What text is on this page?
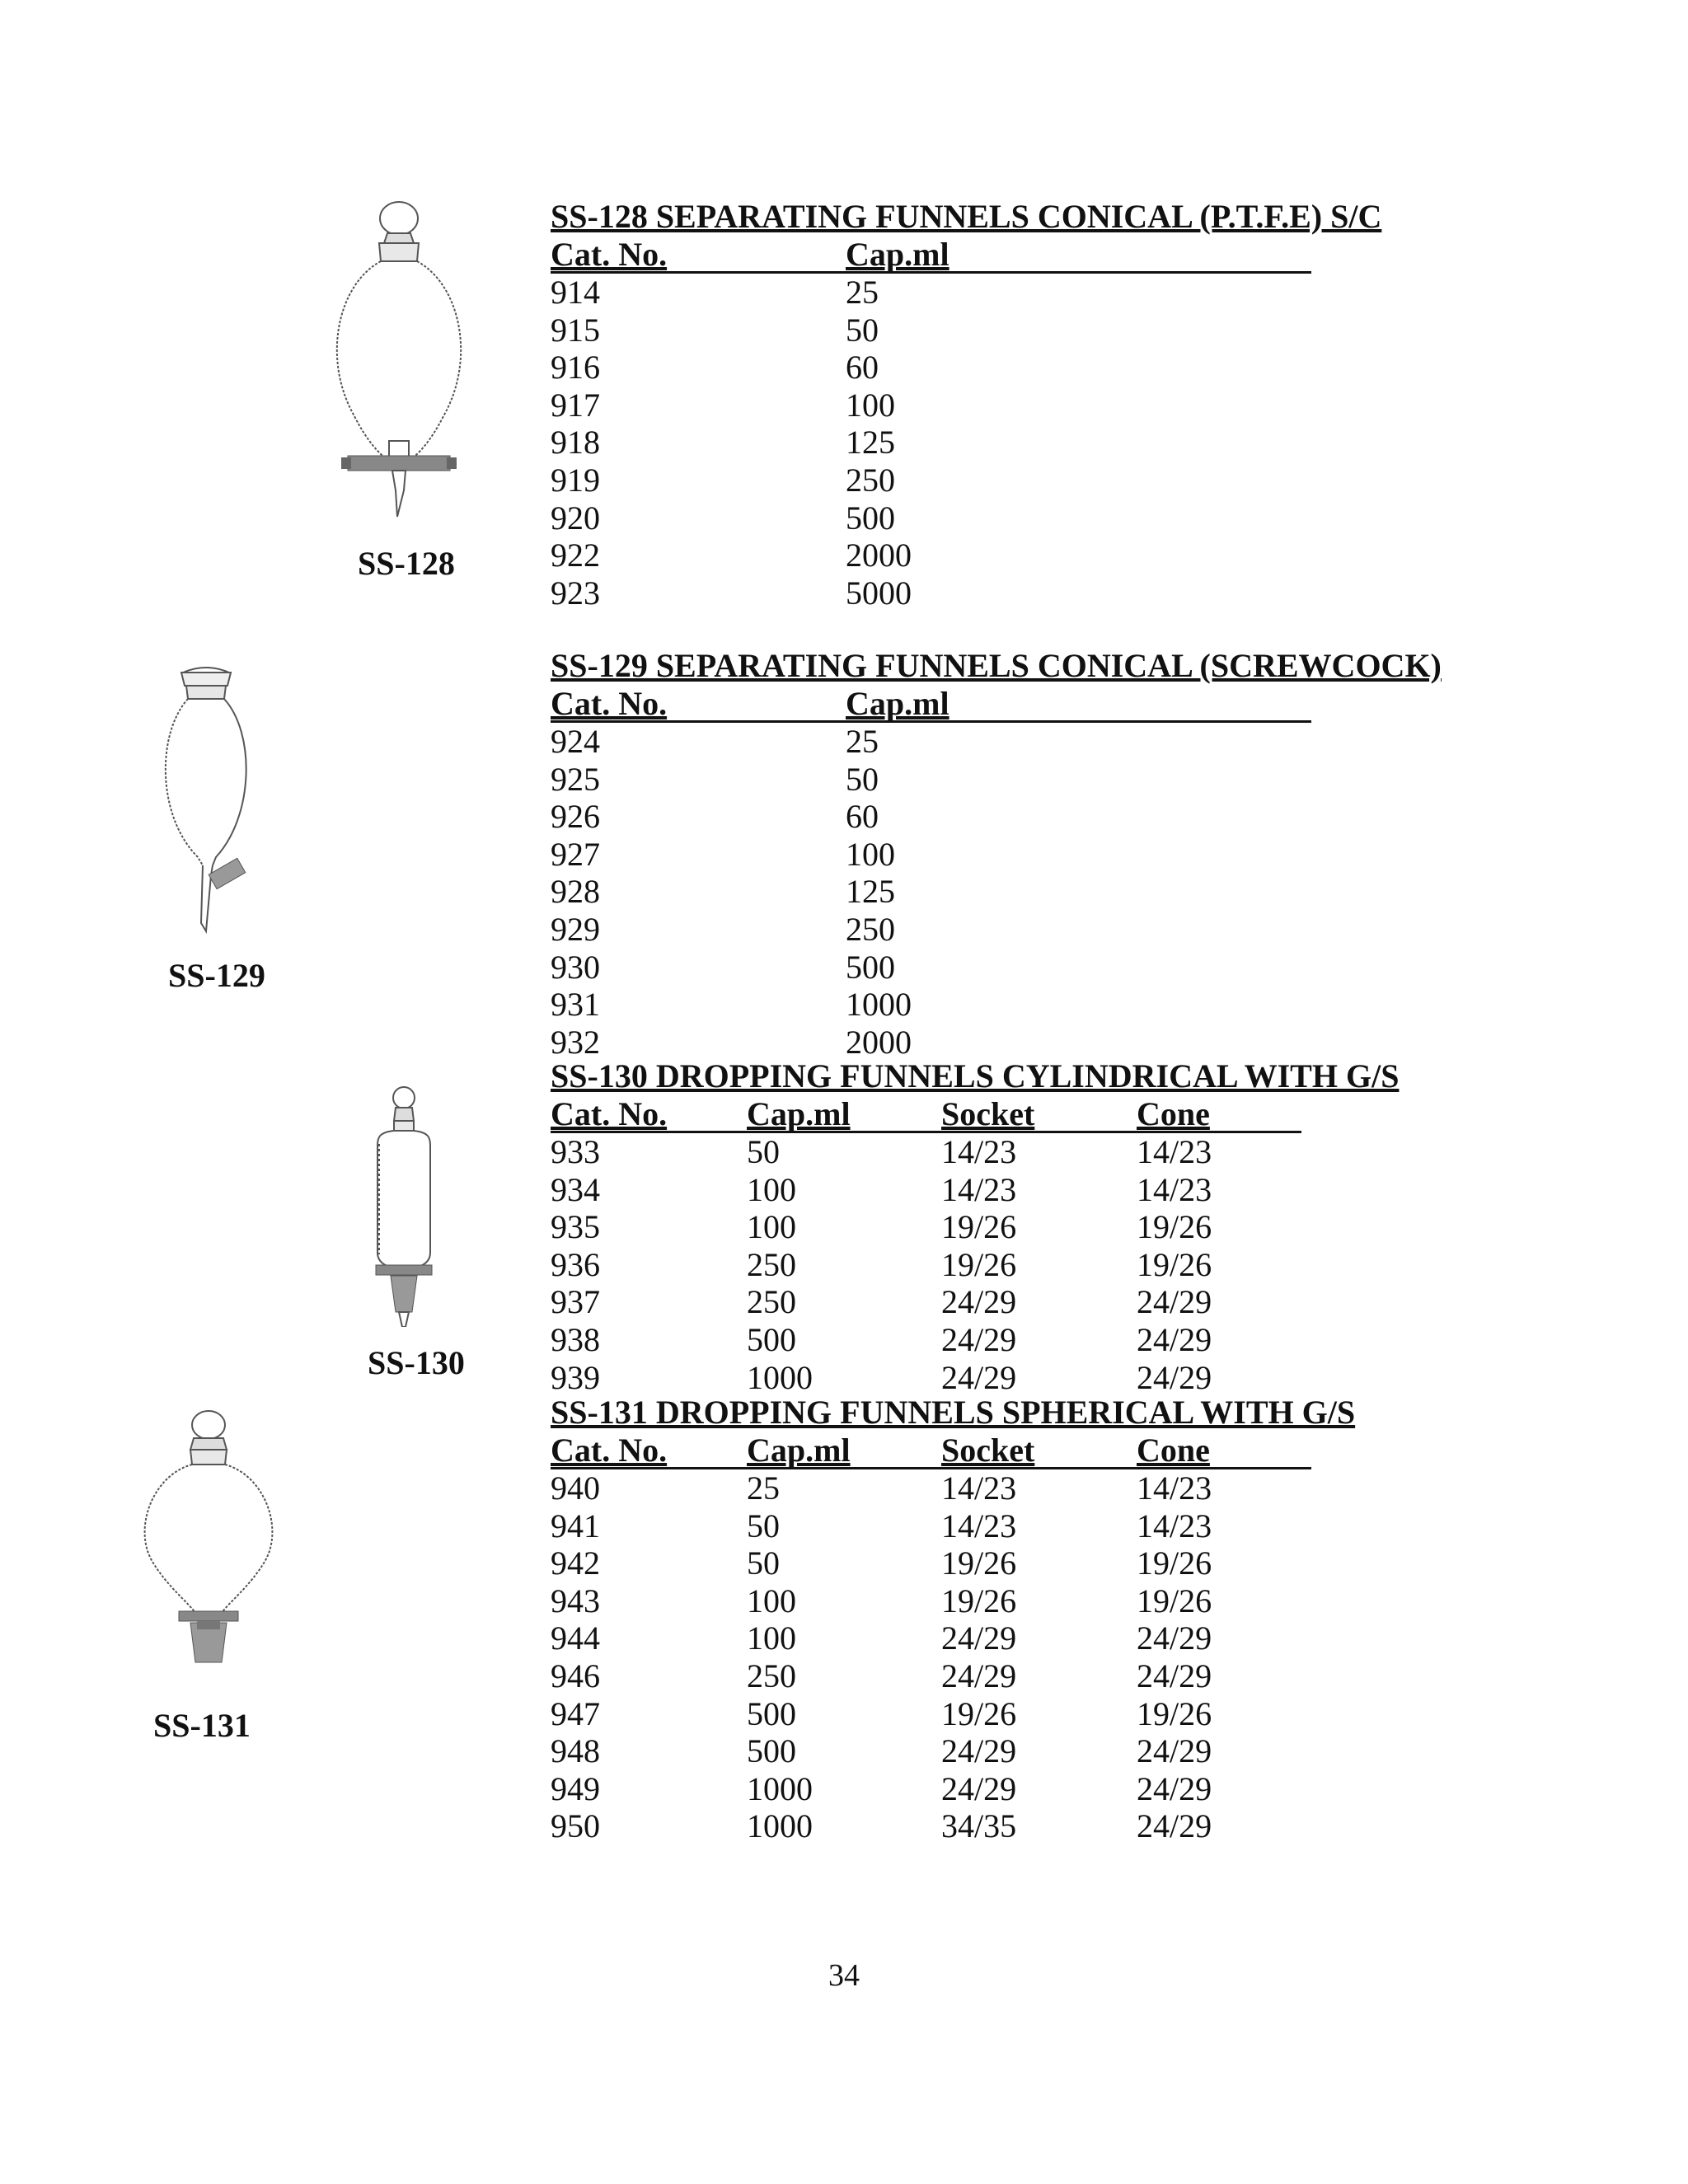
SS-128
SS-129
SS-130
SS-131
SS-128 SEPARATING FUNNELS CONICAL (P.T.F.E) S/C
Cat. No.	Cap.ml
914	25
915	50
916	60
917	100
918	125
919	250
920	500
922	2000
923	5000
SS-129 SEPARATING FUNNELS CONICAL (SCREWCOCK)
Cat. No.	Cap.ml
924	25
925	50
926	60
927	100
928	125
929	250
930	500
931	1000
932	2000
SS-130 DROPPING FUNNELS CYLINDRICAL WITH G/S
Cat. No.	Cap.ml	Socket	Cone
933	50	14/23	14/23
934	100	14/23	14/23
935	100	19/26	19/26
936	250	19/26	19/26
937	250	24/29	24/29
938	500	24/29	24/29
939	1000	24/29	24/29
SS-131 DROPPING FUNNELS SPHERICAL WITH G/S
Cat. No.	Cap.ml	Socket	Cone
940	25	14/23	14/23
941	50	14/23	14/23
942	50	19/26	19/26
943	100	19/26	19/26
944	100	24/29	24/29
946	250	24/29	24/29
947	500	19/26	19/26
948	500	24/29	24/29
949	1000	24/29	24/29
950	1000	34/35	24/29
34
